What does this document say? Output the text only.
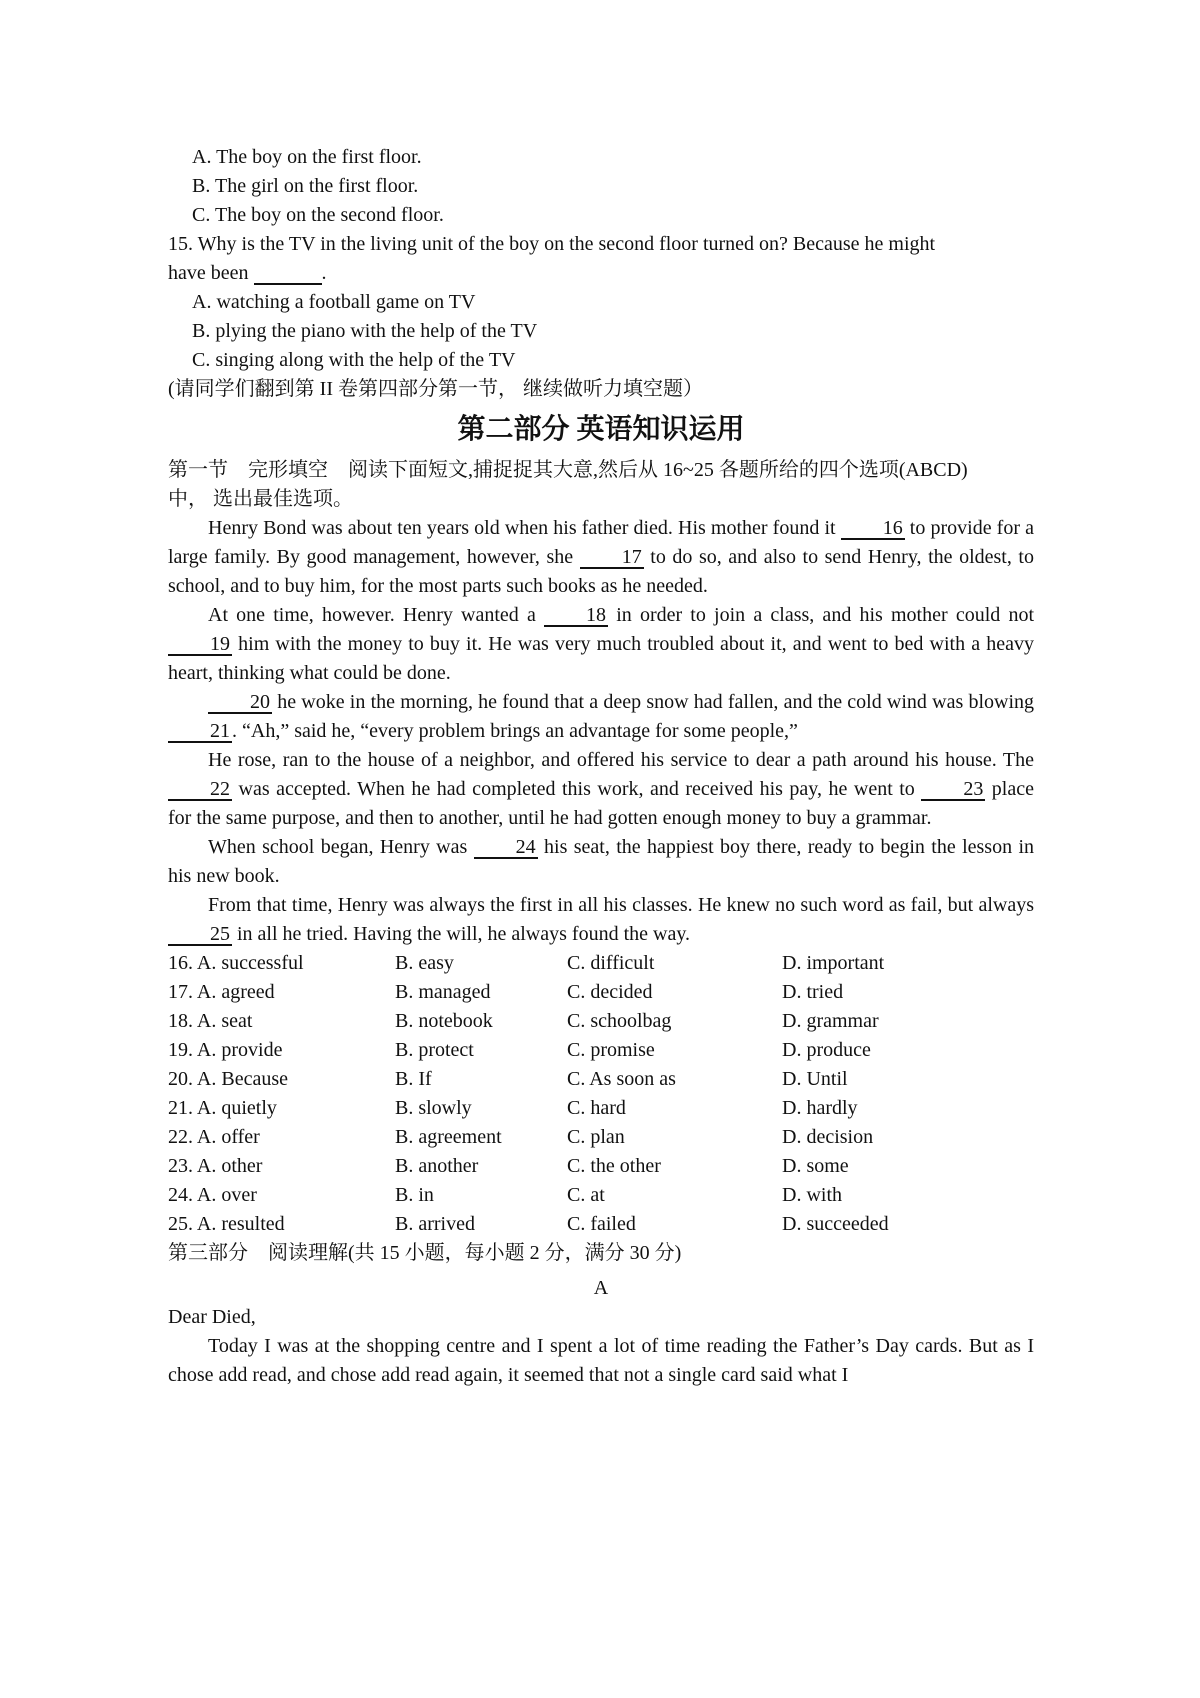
A. The boy on the first floor.
B. The girl on the first floor.
C. The boy on the second floor.
15. Why is the TV in the living unit of the boy on the second floor turned on? Because he might
have been	.
A. watching a football game on TV
B. plying the piano with the help of the TV
C. singing along with the help of the TV
(请同学们翻到第 II 卷第四部分第一节， 继续做听力填空题）
第二部分 英语知识运用
第一节　完形填空　阅读下面短文,捕捉捉其大意,然后从 16~25 各题所给的四个选项(ABCD)
中， 选出最佳选项。

Henry Bond was about ten years old when his father died. His mother found it 16 to provide for a large family. By good management, however, she 17 to do so, and also to send Henry, the oldest, to school, and to buy him, for the most parts such books as he needed.

At one time, however. Henry wanted a 18 in order to join a class, and his mother could not 19 him with the money to buy it. He was very much troubled about it, and went to bed with a heavy heart, thinking what could be done.

20 he woke in the morning, he found that a deep snow had fallen, and the cold wind was blowing 21 . “Ah,” said he, “every problem brings an advantage for some people,”

He rose, ran to the house of a neighbor, and offered his service to dear a path around his house. The 22 was accepted. When he had completed this work, and received his pay, he went to 23 place for the same purpose, and then to another, until he had gotten enough money to buy a grammar.

When school began, Henry was 24 his seat, the happiest boy there, ready to begin the lesson in his new book.

From that time, Henry was always the first in all his classes. He knew no such word as fail, but always 25 in all he tried. Having the will, he always found the way.

16. A. successful	B. easy	C. difficult	D. important
17. A. agreed	B. managed	C. decided	D. tried
18. A. seat	B. notebook	C. schoolbag	D. grammar
19. A. provide	B. protect	C. promise	D. produce
20. A. Because	B. If	C. As soon as	D. Until
21. A. quietly	B. slowly	C. hard	D. hardly
22. A. offer	B. agreement	C. plan	D. decision
23. A. other	B. another	C. the other	D. some
24. A. over	B. in	C. at	D. with
25. A. resulted	B. arrived	C. failed	D. succeeded
第三部分　阅读理解(共 15 小题，每小题 2 分，满分 30 分)
A
Dear Died,

Today I was at the shopping centre and I spent a lot of time reading the Father’s Day cards. But as I chose add read, and chose add read again, it seemed that not a single card said what I
